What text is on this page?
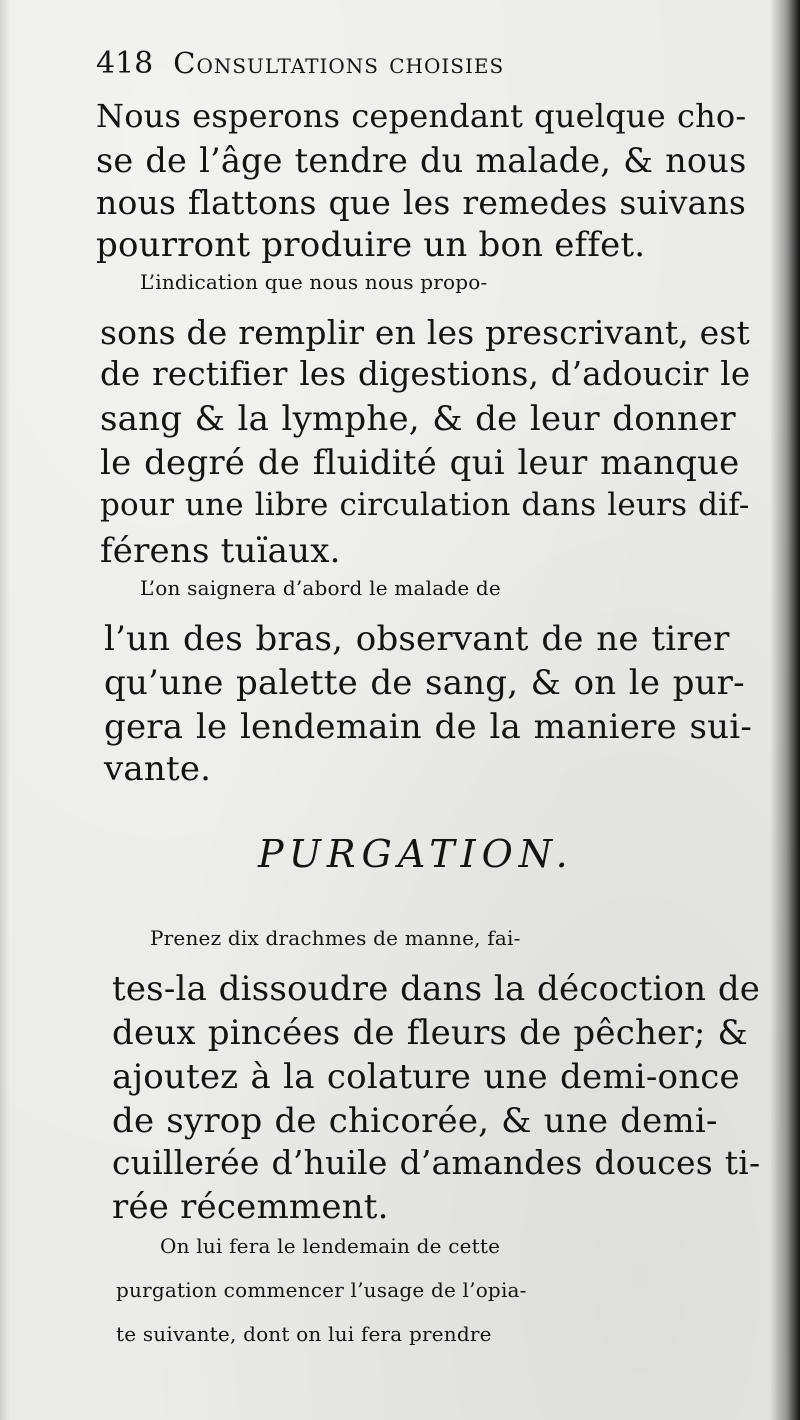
418 Consultations choisies
Nous esperons cependant quelque cho-
se de l’âge tendre du malade, & nous
nous flattons que les remedes suivans
pourront produire un bon effet.
L’indication que nous nous propo-
sons de remplir en les prescrivant, est
de rectifier les digestions, d’adoucir le
sang & la lymphe, & de leur donner
le degré de fluidité qui leur manque
pour une libre circulation dans leurs dif-
férens tuïaux.
L’on saignera d’abord le malade de
l’un des bras, observant de ne tirer
qu’une palette de sang, & on le pur-
gera le lendemain de la maniere sui-
vante.
PURGATION.
Prenez dix drachmes de manne, fai-
tes-la dissoudre dans la décoction de
deux pincées de fleurs de pêcher; &
ajoutez à la colature une demi-once
de syrop de chicorée, & une demi-
cuillerée d’huile d’amandes douces ti-
rée récemment.
On lui fera le lendemain de cette
purgation commencer l’usage de l’opia-
te suivante, dont on lui fera prendre
